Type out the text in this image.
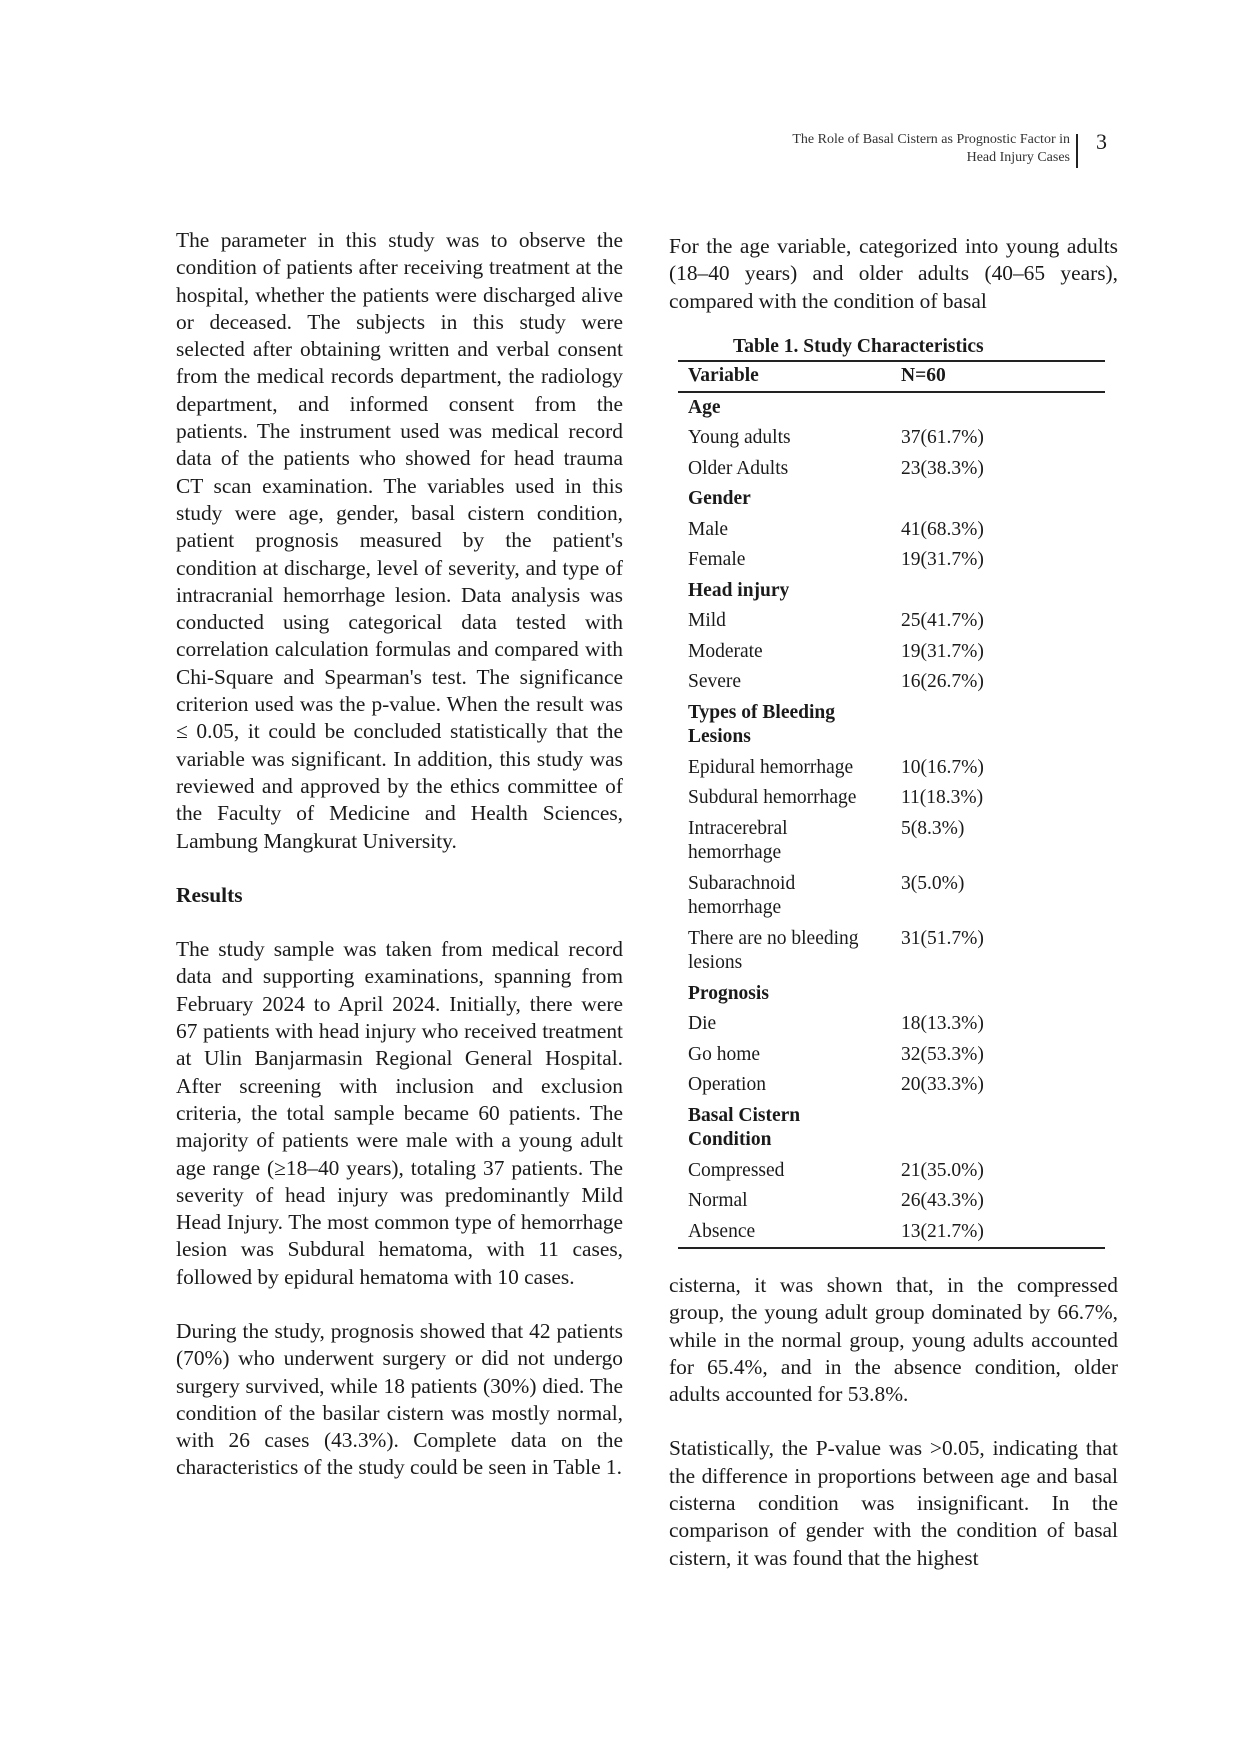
The Role of Basal Cistern as Prognostic Factor in
Head Injury Cases
3

The parameter in this study was to observe the condition of patients after receiving treatment at the hospital, whether the patients were discharged alive or deceased. The subjects in this study were selected after obtaining written and verbal consent from the medical records department, the radiology department, and informed consent from the patients. The instrument used was medical record data of the patients who showed for head trauma CT scan examination. The variables used in this study were age, gender, basal cistern condition, patient prognosis measured by the patient's condition at discharge, level of severity, and type of intracranial hemorrhage lesion. Data analysis was conducted using categorical data tested with correlation calculation formulas and compared with Chi-Square and Spearman's test. The significance criterion used was the p-value. When the result was ≤ 0.05, it could be concluded statistically that the variable was significant. In addition, this study was reviewed and approved by the ethics committee of the Faculty of Medicine and Health Sciences, Lambung Mangkurat University.

Results

The study sample was taken from medical record data and supporting examinations, spanning from February 2024 to April 2024. Initially, there were 67 patients with head injury who received treatment at Ulin Banjarmasin Regional General Hospital. After screening with inclusion and exclusion criteria, the total sample became 60 patients. The majority of patients were male with a young adult age range (≥18–40 years), totaling 37 patients. The severity of head injury was predominantly Mild Head Injury. The most common type of hemorrhage lesion was Subdural hematoma, with 11 cases, followed by epidural hematoma with 10 cases.

During the study, prognosis showed that 42 patients (70%) who underwent surgery or did not undergo surgery survived, while 18 patients (30%) died. The condition of the basilar cistern was mostly normal, with 26 cases (43.3%). Complete data on the characteristics of the study could be seen in Table 1.

For the age variable, categorized into young adults (18–40 years) and older adults (40–65 years), compared with the condition of basal

Table 1. Study Characteristics
Variable	N=60
Age	
Young adults	37(61.7%)
Older Adults	23(38.3%)
Gender	
Male	41(68.3%)
Female	19(31.7%)
Head injury	
Mild	25(41.7%)
Moderate	19(31.7%)
Severe	16(26.7%)
Types of Bleeding Lesions	
Epidural hemorrhage	10(16.7%)
Subdural hemorrhage	11(18.3%)
Intracerebral hemorrhage	5(8.3%)
Subarachnoid hemorrhage	3(5.0%)
There are no bleeding lesions	31(51.7%)
Prognosis	
Die	18(13.3%)
Go home	32(53.3%)
Operation	20(33.3%)
Basal Cistern Condition	
Compressed	21(35.0%)
Normal	26(43.3%)
Absence	13(21.7%)

cisterna, it was shown that, in the compressed group, the young adult group dominated by 66.7%, while in the normal group, young adults accounted for 65.4%, and in the absence condition, older adults accounted for 53.8%.

Statistically, the P-value was >0.05, indicating that the difference in proportions between age and basal cisterna condition was insignificant. In the comparison of gender with the condition of basal cistern, it was found that the highest
